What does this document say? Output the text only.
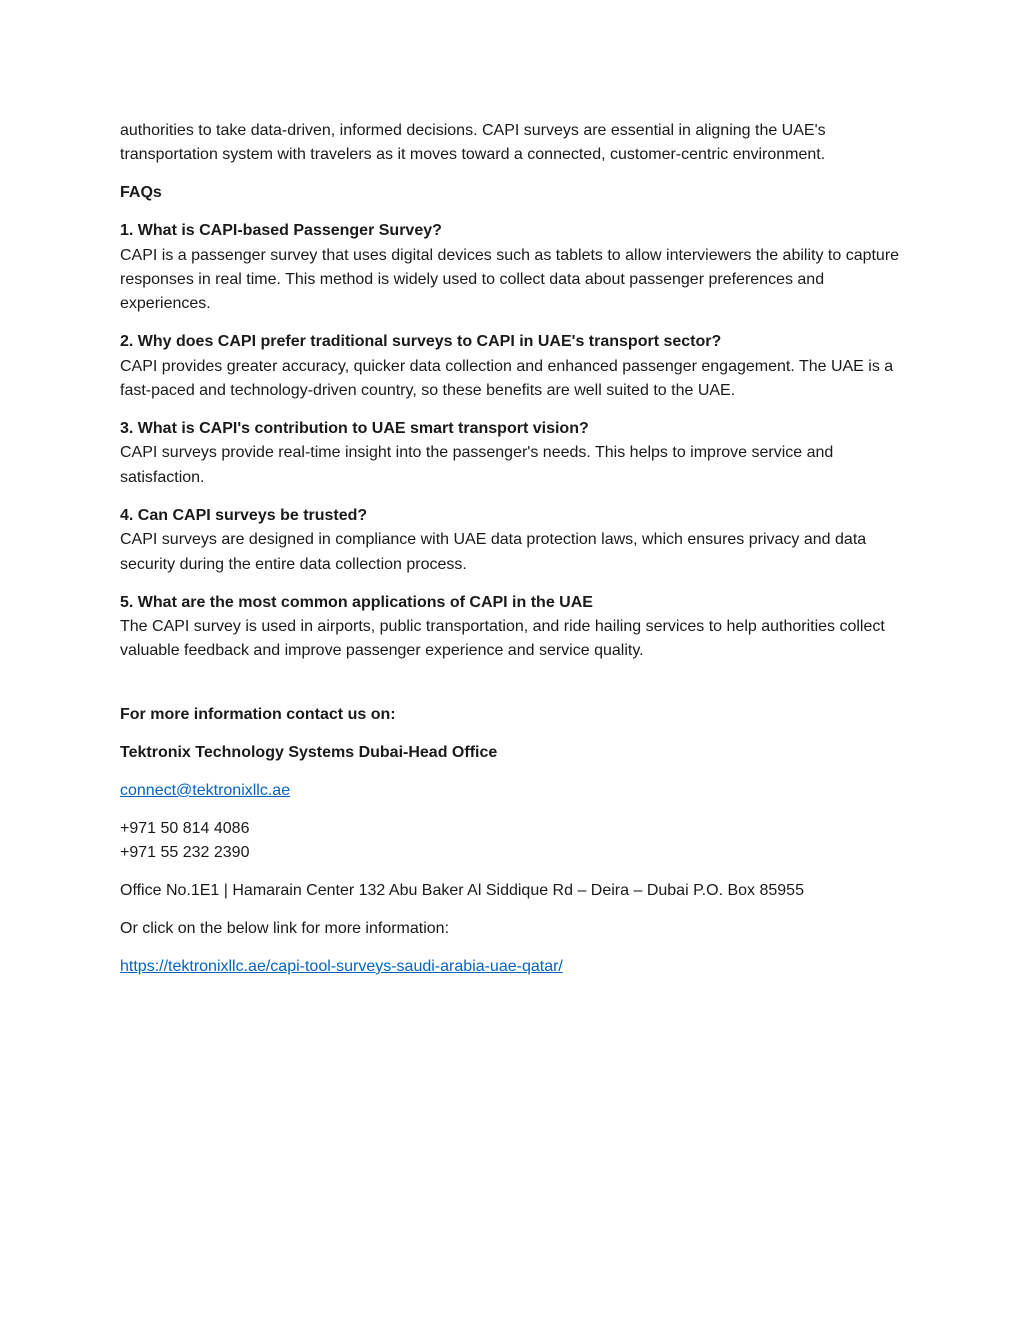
authorities to take data-driven, informed decisions. CAPI surveys are essential in aligning the UAE's transportation system with travelers as it moves toward a connected, customer-centric environment.

FAQs

1. What is CAPI-based Passenger Survey?
CAPI is a passenger survey that uses digital devices such as tablets to allow interviewers the ability to capture responses in real time. This method is widely used to collect data about passenger preferences and experiences.

2. Why does CAPI prefer traditional surveys to CAPI in UAE's transport sector?
CAPI provides greater accuracy, quicker data collection and enhanced passenger engagement. The UAE is a fast-paced and technology-driven country, so these benefits are well suited to the UAE.

3. What is CAPI's contribution to UAE smart transport vision?
CAPI surveys provide real-time insight into the passenger's needs. This helps to improve service and satisfaction.

4. Can CAPI surveys be trusted?
CAPI surveys are designed in compliance with UAE data protection laws, which ensures privacy and data security during the entire data collection process.

5. What are the most common applications of CAPI in the UAE
The CAPI survey is used in airports, public transportation, and ride hailing services to help authorities collect valuable feedback and improve passenger experience and service quality.

For more information contact us on:

Tektronix Technology Systems Dubai-Head Office

connect@tektronixllc.ae

+971 50 814 4086
+971 55 232 2390

Office No.1E1 | Hamarain Center 132 Abu Baker Al Siddique Rd – Deira – Dubai P.O. Box 85955

Or click on the below link for more information:

https://tektronixllc.ae/capi-tool-surveys-saudi-arabia-uae-qatar/
